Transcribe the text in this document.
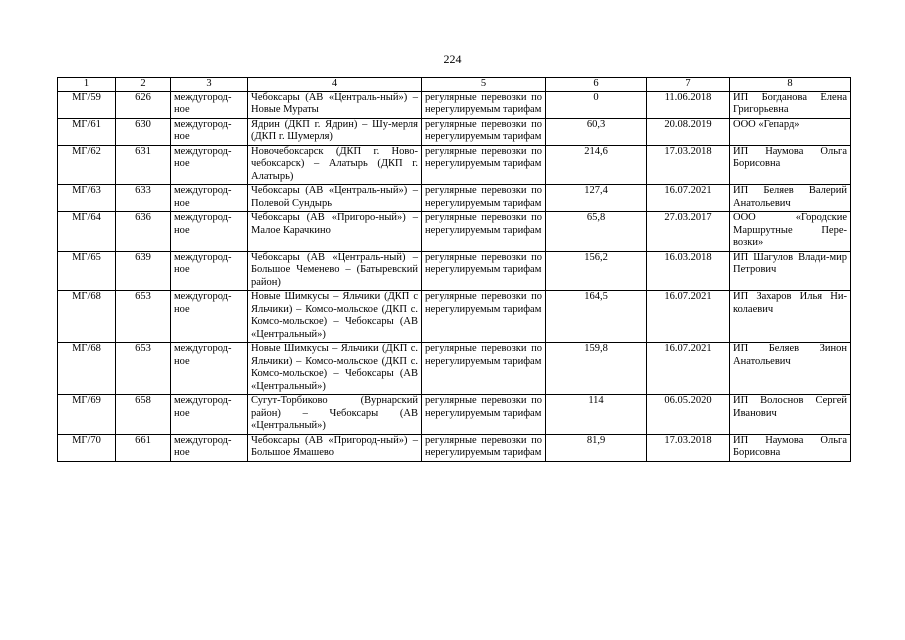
224
1	2	3	4	5	6	7	8
МГ/59	626	междугород-ное	Чебоксары (АВ «Централь-ный») – Новые Мураты	регулярные перевозки по нерегулируемым тарифам	0	11.06.2018	ИП Богданова Елена Григорьевна
МГ/61	630	междугород-ное	Ядрин (ДКП г. Ядрин) – Шу-мерля (ДКП г. Шумерля)	регулярные перевозки по нерегулируемым тарифам	60,3	20.08.2019	ООО «Гепард»
МГ/62	631	междугород-ное	Новочебоксарск (ДКП г. Ново-чебоксарск) – Алатырь (ДКП г. Алатырь)	регулярные перевозки по нерегулируемым тарифам	214,6	17.03.2018	ИП Наумова Ольга Борисовна
МГ/63	633	междугород-ное	Чебоксары (АВ «Централь-ный») – Полевой Сундырь	регулярные перевозки по нерегулируемым тарифам	127,4	16.07.2021	ИП Беляев Валерий Анатольевич
МГ/64	636	междугород-ное	Чебоксары (АВ «Пригоро-ный») – Малое Карачкино	регулярные перевозки по нерегулируемым тарифам	65,8	27.03.2017	ООО «Городские Маршрутные Пере-возки»
МГ/65	639	междугород-ное	Чебоксары (АВ «Централь-ный) – Большое Чеменево – (Батыревский район)	регулярные перевозки по нерегулируемым тарифам	156,2	16.03.2018	ИП Шагулов Влади-мир Петрович
МГ/68	653	междугород-ное	Новые Шимкусы – Яльчики (ДКП с Яльчики) – Комсо-мольское (ДКП с. Комсо-мольское) – Чебоксары (АВ «Центральный»)	регулярные перевозки по нерегулируемым тарифам	164,5	16.07.2021	ИП Захаров Илья Ни-колаевич
МГ/68	653	междугород-ное	Новые Шимкусы – Яльчики (ДКП с. Яльчики) – Комсо-мольское (ДКП с. Комсо-мольское) – Чебоксары (АВ «Центральный»)	регулярные перевозки по нерегулируемым тарифам	159,8	16.07.2021	ИП Беляев Зинон Анатольевич
МГ/69	658	междугород-ное	Сугут-Торбиково (Вурнарский район) – Чебоксары (АВ «Центральный»)	регулярные перевозки по нерегулируемым тарифам	114	06.05.2020	ИП Волоснов Сергей Иванович
МГ/70	661	междугород-ное	Чебоксары (АВ «Пригород-ный») – Большое Ямашево	регулярные перевозки по нерегулируемым тарифам	81,9	17.03.2018	ИП Наумова Ольга Борисовна
